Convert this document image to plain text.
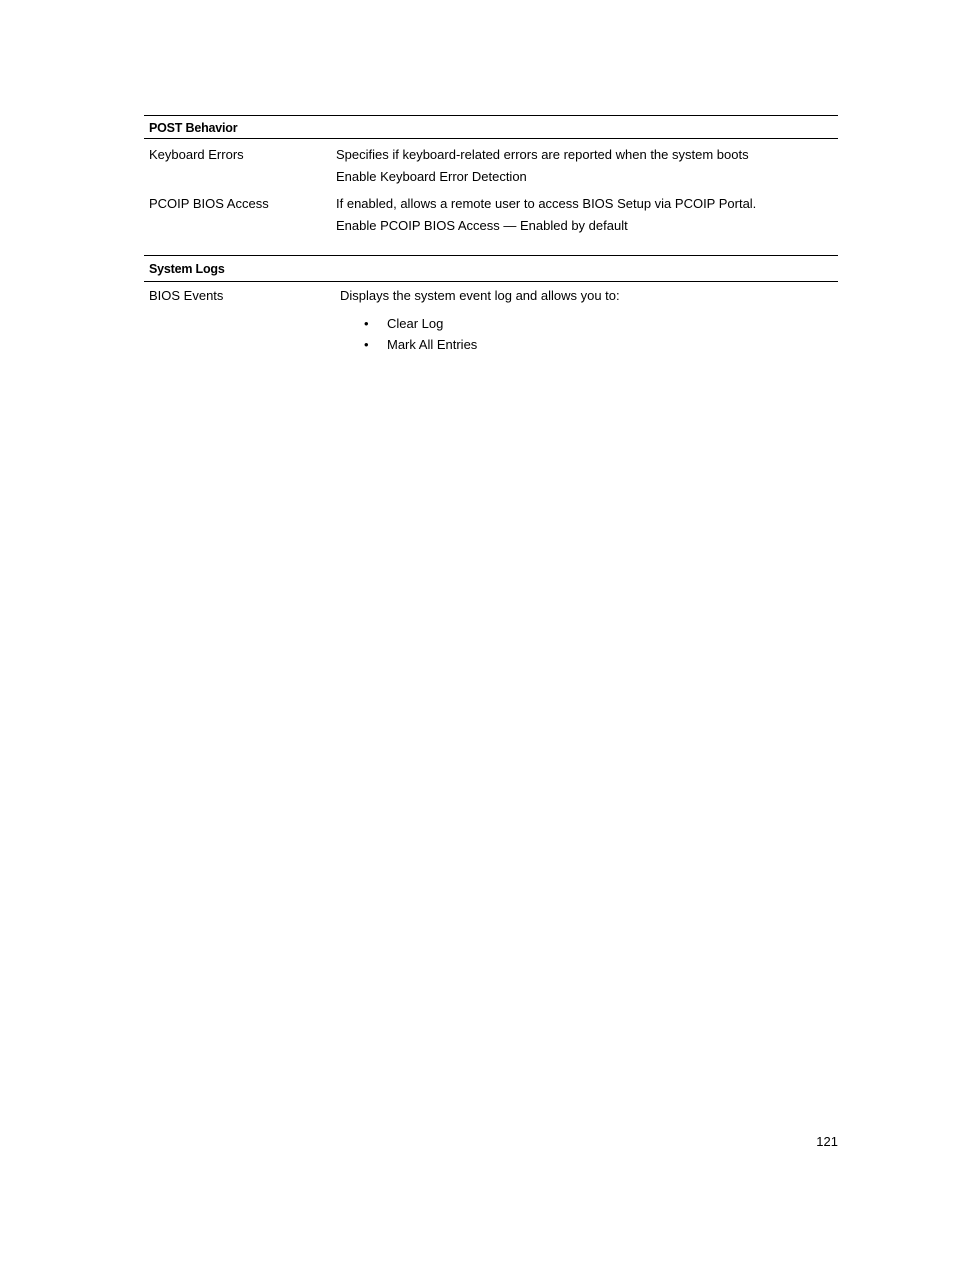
POST Behavior
Keyboard Errors	Specifies if keyboard-related errors are reported when the system boots
Enable Keyboard Error Detection
PCOIP BIOS Access	If enabled, allows a remote user to access BIOS Setup via PCOIP Portal.
Enable PCOIP BIOS Access — Enabled by default
System Logs
BIOS Events	Displays the system event log and allows you to:
• Clear Log
• Mark All Entries
121
